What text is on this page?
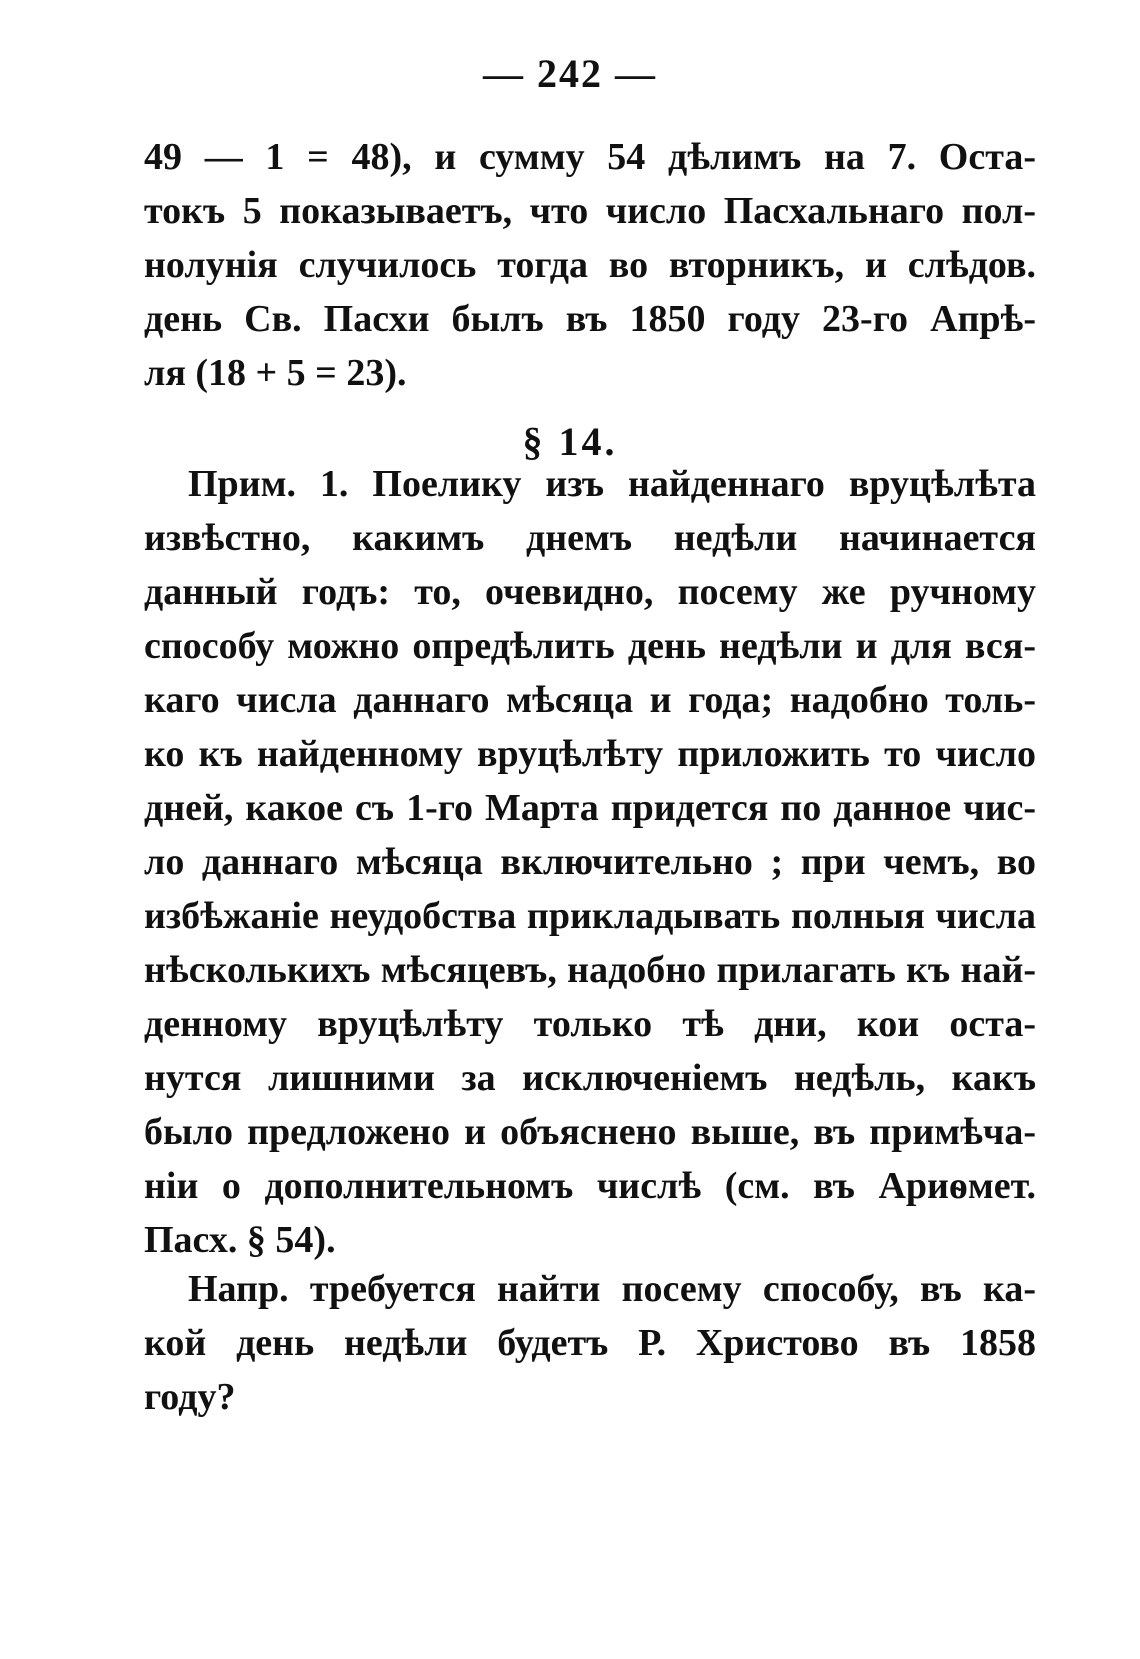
— 242 —
49 — 1 = 48), и сумму 54 дѣлимъ на 7. Оста-
токъ 5 показываетъ, что число Пасхальнаго пол-
нолунія случилось тогда во вторникъ, и слѣдов.
день Св. Пасхи былъ въ 1850 году 23-го Апрѣ-
ля (18 + 5 = 23).
§ 14.
Прим. 1. Поелику изъ найденнаго вруцѣлѣта
извѣстно, какимъ днемъ недѣли начинается
данный годъ: то, очевидно, посему же ручному
способу можно опредѣлить день недѣли и для вся-
каго числа даннаго мѣсяца и года; надобно толь-
ко къ найденному вруцѣлѣту приложить то число
дней, какое съ 1-го Марта придется по данное чис-
ло даннаго мѣсяца включительно ; при чемъ, во
избѣжаніе неудобства прикладывать полныя числа
нѣсколькихъ мѣсяцевъ, надобно прилагать къ най-
денному вруцѣлѣту только тѣ дни, кои оста-
нутся лишними за исключеніемъ недѣль, какъ
было предложено и объяснено выше, въ примѣча-
ніи о дополнительномъ числѣ (см. въ Ариѳмет.
Пасх. § 54).
Напр. требуется найти посему способу, въ ка-
кой день недѣли будетъ Р. Христово въ 1858
году?
